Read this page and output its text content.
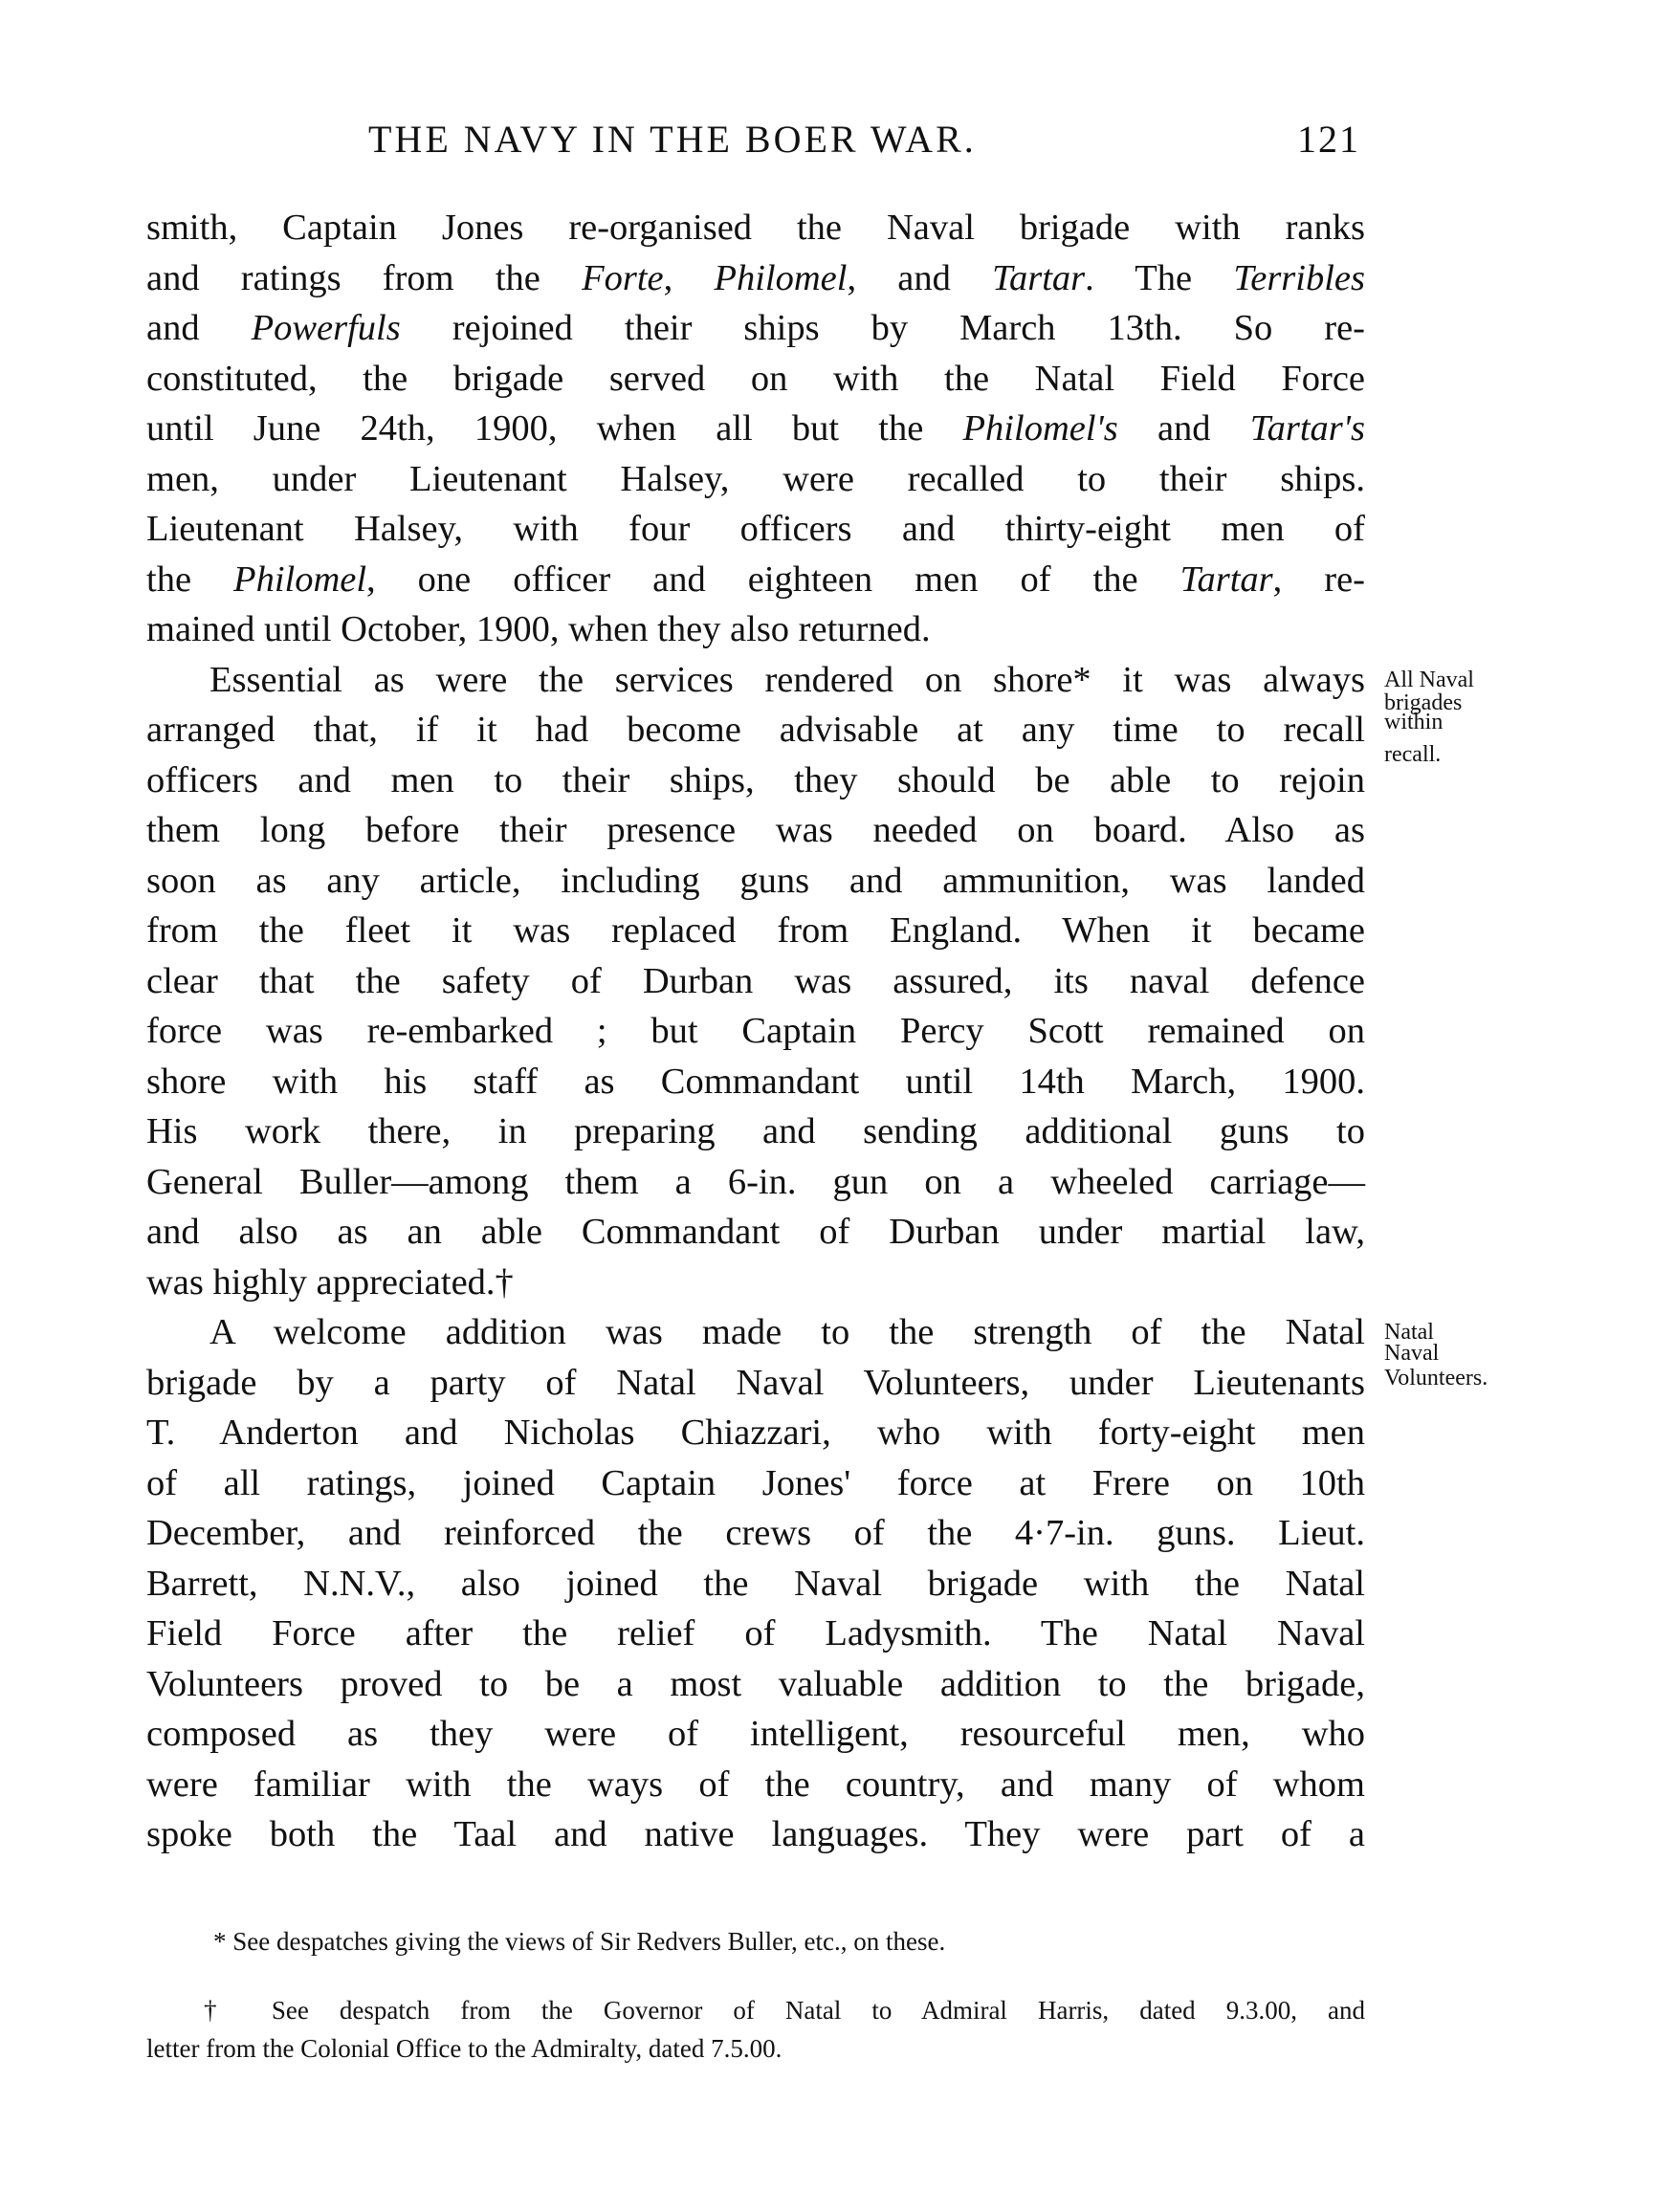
THE NAVY IN THE BOER WAR.	121
smith, Captain Jones re-organised the Naval brigade with ranks
and ratings from the Forte, Philomel, and Tartar. The Terribles
and Powerfuls rejoined their ships by March 13th. So re-
constituted, the brigade served on with the Natal Field Force
until June 24th, 1900, when all but the Philomel's and Tartar's
men, under Lieutenant Halsey, were recalled to their ships.
Lieutenant Halsey, with four officers and thirty-eight men of
the Philomel, one officer and eighteen men of the Tartar, re-
mained until October, 1900, when they also returned.
Essential as were the services rendered on shore* it was always
arranged that, if it had become advisable at any time to recall
officers and men to their ships, they should be able to rejoin
them long before their presence was needed on board. Also as
soon as any article, including guns and ammunition, was landed
from the fleet it was replaced from England. When it became
clear that the safety of Durban was assured, its naval defence
force was re-embarked ; but Captain Percy Scott remained on
shore with his staff as Commandant until 14th March, 1900.
His work there, in preparing and sending additional guns to
General Buller—among them a 6-in. gun on a wheeled carriage—
and also as an able Commandant of Durban under martial law,
was highly appreciated.†
A welcome addition was made to the strength of the Natal
brigade by a party of Natal Naval Volunteers, under Lieutenants
T. Anderton and Nicholas Chiazzari, who with forty-eight men
of all ratings, joined Captain Jones' force at Frere on 10th
December, and reinforced the crews of the 4·7-in. guns. Lieut.
Barrett, N.N.V., also joined the Naval brigade with the Natal
Field Force after the relief of Ladysmith. The Natal Naval
Volunteers proved to be a most valuable addition to the brigade,
composed as they were of intelligent, resourceful men, who
were familiar with the ways of the country, and many of whom
spoke both the Taal and native languages. They were part of a
All Naval
brigades
within
recall.
Natal
Naval
Volunteers.
* See despatches giving the views of Sir Redvers Buller, etc., on these.
† See despatch from the Governor of Natal to Admiral Harris, dated 9.3.00, and
letter from the Colonial Office to the Admiralty, dated 7.5.00.
